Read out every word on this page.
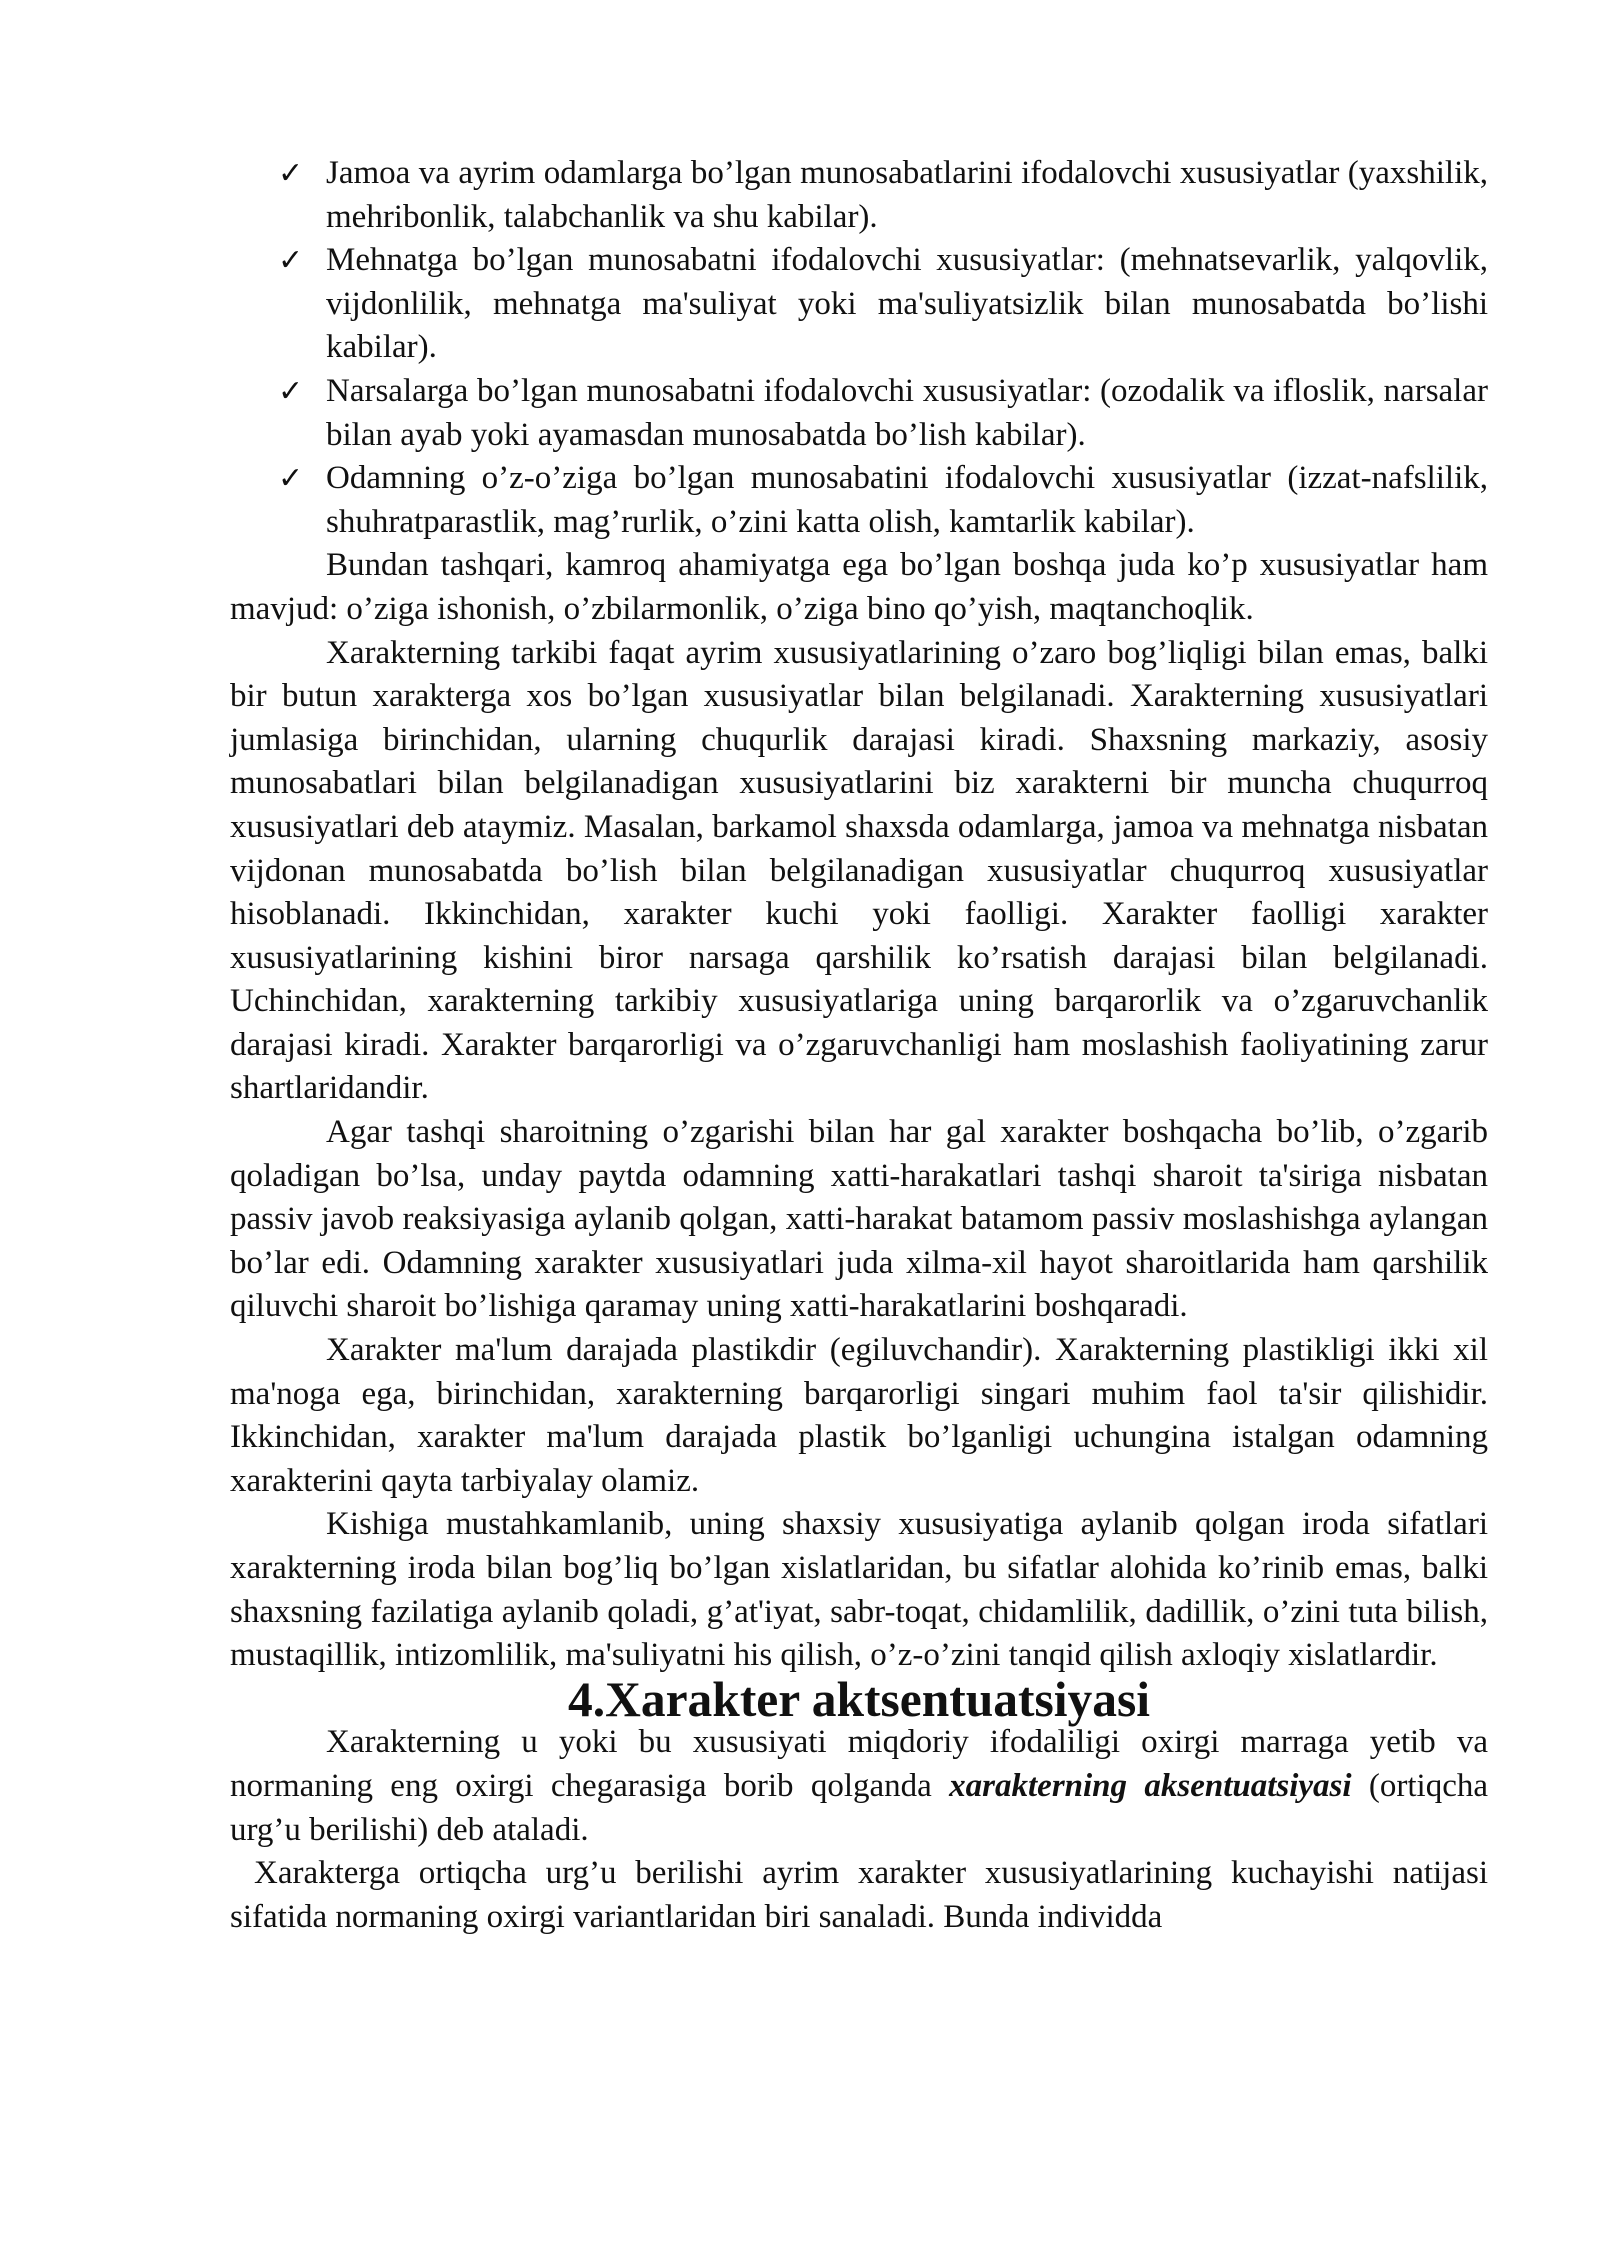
✓ Jamoa va ayrim odamlarga bo’lgan munosabatlarini ifodalovchi xususiyatlar (yaxshilik, mehribonlik, talabchanlik va shu kabilar).
✓ Mehnatga bo’lgan munosabatni ifodalovchi xususiyatlar: (mehnatsevarlik, yalqovlik, vijdonlilik, mehnatga ma'suliyat yoki ma'suliyatsizlik bilan munosabatda bo’lishi kabilar).
✓ Narsalarga bo’lgan munosabatni ifodalovchi xususiyatlar: (ozodalik va ifloslik, narsalar bilan ayab yoki ayamasdan munosabatda bo’lish kabilar).
✓ Odamning o’z-o’ziga bo’lgan munosabatini ifodalovchi xususiyatlar (izzat-nafslilik, shuhratparastlik, mag’rurlik, o’zini katta olish, kamtarlik kabilar).

Bundan tashqari, kamroq ahamiyatga ega bo’lgan boshqa juda ko’p xususiyatlar ham mavjud: o’ziga ishonish, o’zbilarmonlik, o’ziga bino qo’yish, maqtanchoqlik.

Xarakterning tarkibi faqat ayrim xususiyatlarining o’zaro bog’liqligi bilan emas, balki bir butun xarakterga xos bo’lgan xususiyatlar bilan belgilanadi. Xarakterning xususiyatlari jumlasiga birinchidan, ularning chuqurlik darajasi kiradi. Shaxsning markaziy, asosiy munosabatlari bilan belgilanadigan xususiyatlarini biz xarakterni bir muncha chuqurroq xususiyatlari deb ataymiz. Masalan, barkamol shaxsda odamlarga, jamoa va mehnatga nisbatan vijdonan munosabatda bo’lish bilan belgilanadigan xususiyatlar chuqurroq xususiyatlar hisoblanadi. Ikkinchidan, xarakter kuchi yoki faolligi. Xarakter faolligi xarakter xususiyatlarining kishini biror narsaga qarshilik ko’rsatish darajasi bilan belgilanadi. Uchinchidan, xarakterning tarkibiy xususiyatlariga uning barqarorlik va o’zgaruvchanlik darajasi kiradi. Xarakter barqarorligi va o’zgaruvchanligi ham moslashish faoliyatining zarur shartlaridandir.

Agar tashqi sharoitning o’zgarishi bilan har gal xarakter boshqacha bo’lib, o’zgarib qoladigan bo’lsa, unday paytda odamning xatti-harakatlari tashqi sharoit ta'siriga nisbatan passiv javob reaksiyasiga aylanib qolgan, xatti-harakat batamom passiv moslashishga aylangan bo’lar edi. Odamning xarakter xususiyatlari juda xilma-xil hayot sharoitlarida ham qarshilik qiluvchi sharoit bo’lishiga qaramay uning xatti-harakatlarini boshqaradi.

Xarakter ma'lum darajada plastikdir (egiluvchandir). Xarakterning plastikligi ikki xil ma'noga ega, birinchidan, xarakterning barqarorligi singari muhim faol ta'sir qilishidir. Ikkinchidan, xarakter ma'lum darajada plastik bo’lganligi uchungina istalgan odamning xarakterini qayta tarbiyalay olamiz.

Kishiga mustahkamlanib, uning shaxsiy xususiyatiga aylanib qolgan iroda sifatlari xarakterning iroda bilan bog’liq bo’lgan xislatlaridan, bu sifatlar alohida ko’rinib emas, balki shaxsning fazilatiga aylanib qoladi, g’at'iyat, sabr-toqat, chidamlilik, dadillik, o’zini tuta bilish, mustaqillik, intizomlilik, ma'suliyatni his qilish, o’z-o’zini tanqid qilish axloqiy xislatlardir.

4.Xarakter aktsentuatsiyasi

Xarakterning u yoki bu xususiyati miqdoriy ifodaliligi oxirgi marraga yetib va normaning eng oxirgi chegarasiga borib qolganda xarakterning aksentuatsiyasi (ortiqcha urg’u berilishi) deb ataladi.

Xarakterga ortiqcha urg’u berilishi ayrim xarakter xususiyatlarining kuchayishi natijasi sifatida normaning oxirgi variantlaridan biri sanaladi. Bunda individda
